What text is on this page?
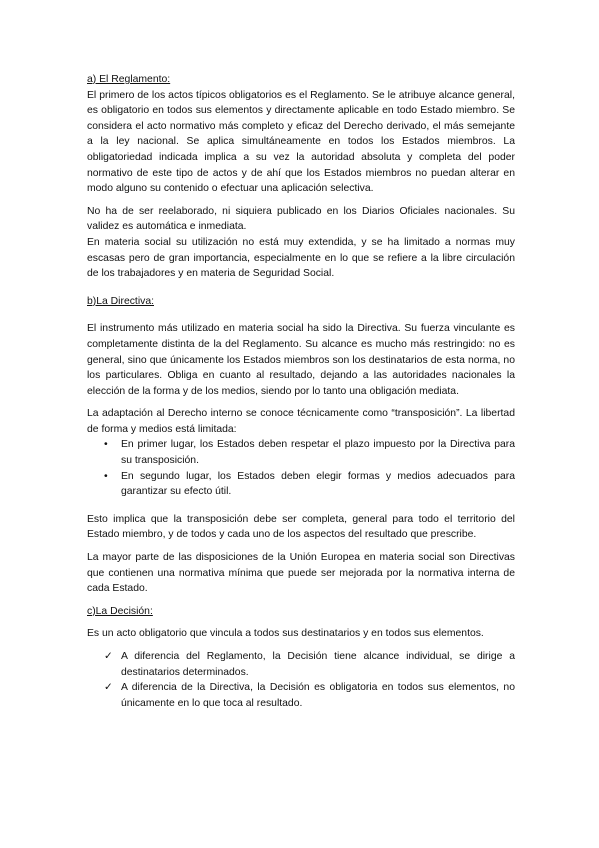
a) El Reglamento:

El primero de los actos típicos obligatorios es el Reglamento. Se le atribuye alcance general, es obligatorio en todos sus elementos y directamente aplicable en todo Estado miembro. Se considera el acto normativo más completo y eficaz del Derecho derivado, el más semejante a la ley nacional. Se aplica simultáneamente en todos los Estados miembros. La obligatoriedad indicada implica a su vez la autoridad absoluta y completa del poder normativo de este tipo de actos y de ahí que los Estados miembros no puedan alterar en modo alguno su contenido o efectuar una aplicación selectiva.

No ha de ser reelaborado, ni siquiera publicado en los Diarios Oficiales nacionales. Su validez es automática e inmediata.

En materia social su utilización no está muy extendida, y se ha limitado a normas muy escasas pero de gran importancia, especialmente en lo que se refiere a la libre circulación de los trabajadores y en materia de Seguridad Social.

b)La Directiva:

El instrumento más utilizado en materia social ha sido la Directiva. Su fuerza vinculante es completamente distinta de la del Reglamento. Su alcance es mucho más restringido: no es general, sino que únicamente los Estados miembros son los destinatarios de esta norma, no los particulares. Obliga en cuanto al resultado, dejando a las autoridades nacionales la elección de la forma y de los medios, siendo por lo tanto una obligación mediata.

La adaptación al Derecho interno se conoce técnicamente como “transposición”. La libertad de forma y medios está limitada:

• En primer lugar, los Estados deben respetar el plazo impuesto por la Directiva para su transposición.
• En segundo lugar, los Estados deben elegir formas y medios adecuados para garantizar su efecto útil.

Esto implica que la transposición debe ser completa, general para todo el territorio del Estado miembro, y de todos y cada uno de los aspectos del resultado que prescribe.

La mayor parte de las disposiciones de la Unión Europea en materia social son Directivas que contienen una normativa mínima que puede ser mejorada por la normativa interna de cada Estado.

c)La Decisión:

Es un acto obligatorio que vincula a todos sus destinatarios y en todos sus elementos.

✓ A diferencia del Reglamento, la Decisión tiene alcance individual, se dirige a destinatarios determinados.
✓ A diferencia de la Directiva, la Decisión es obligatoria en todos sus elementos, no únicamente en lo que toca al resultado.
